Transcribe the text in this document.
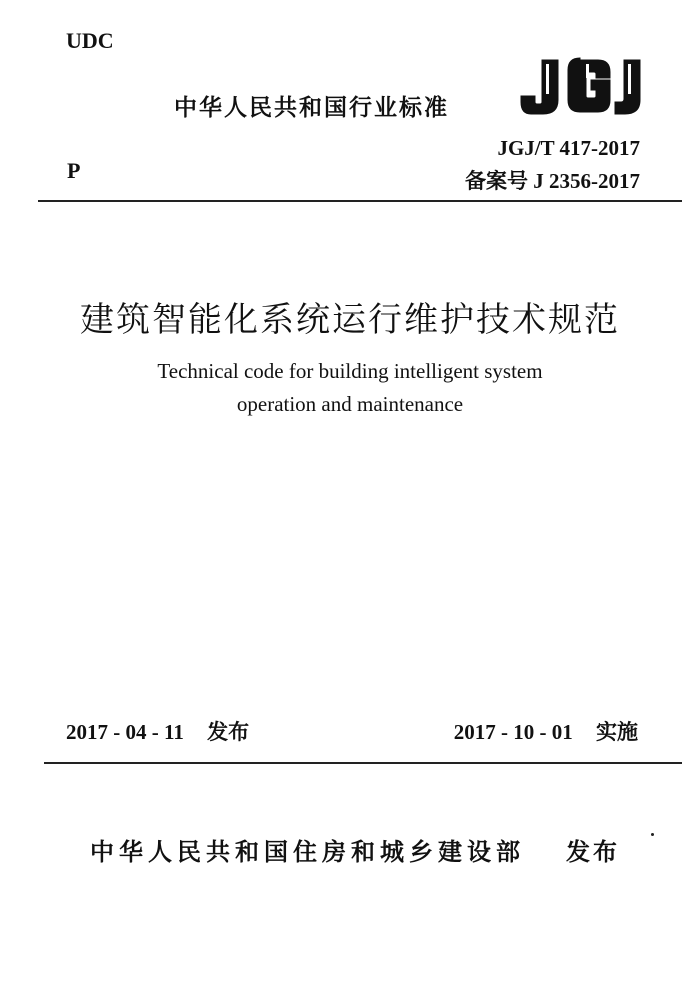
UDC
中华人民共和国行业标准
P
JGJ/T 417-2017
备案号 J 2356-2017
建筑智能化系统运行维护技术规范
Technical code for building intelligent system
operation and maintenance
2017 - 04 - 11 发布	2017 - 10 - 01 实施
中华人民共和国住房和城乡建设部 发布
